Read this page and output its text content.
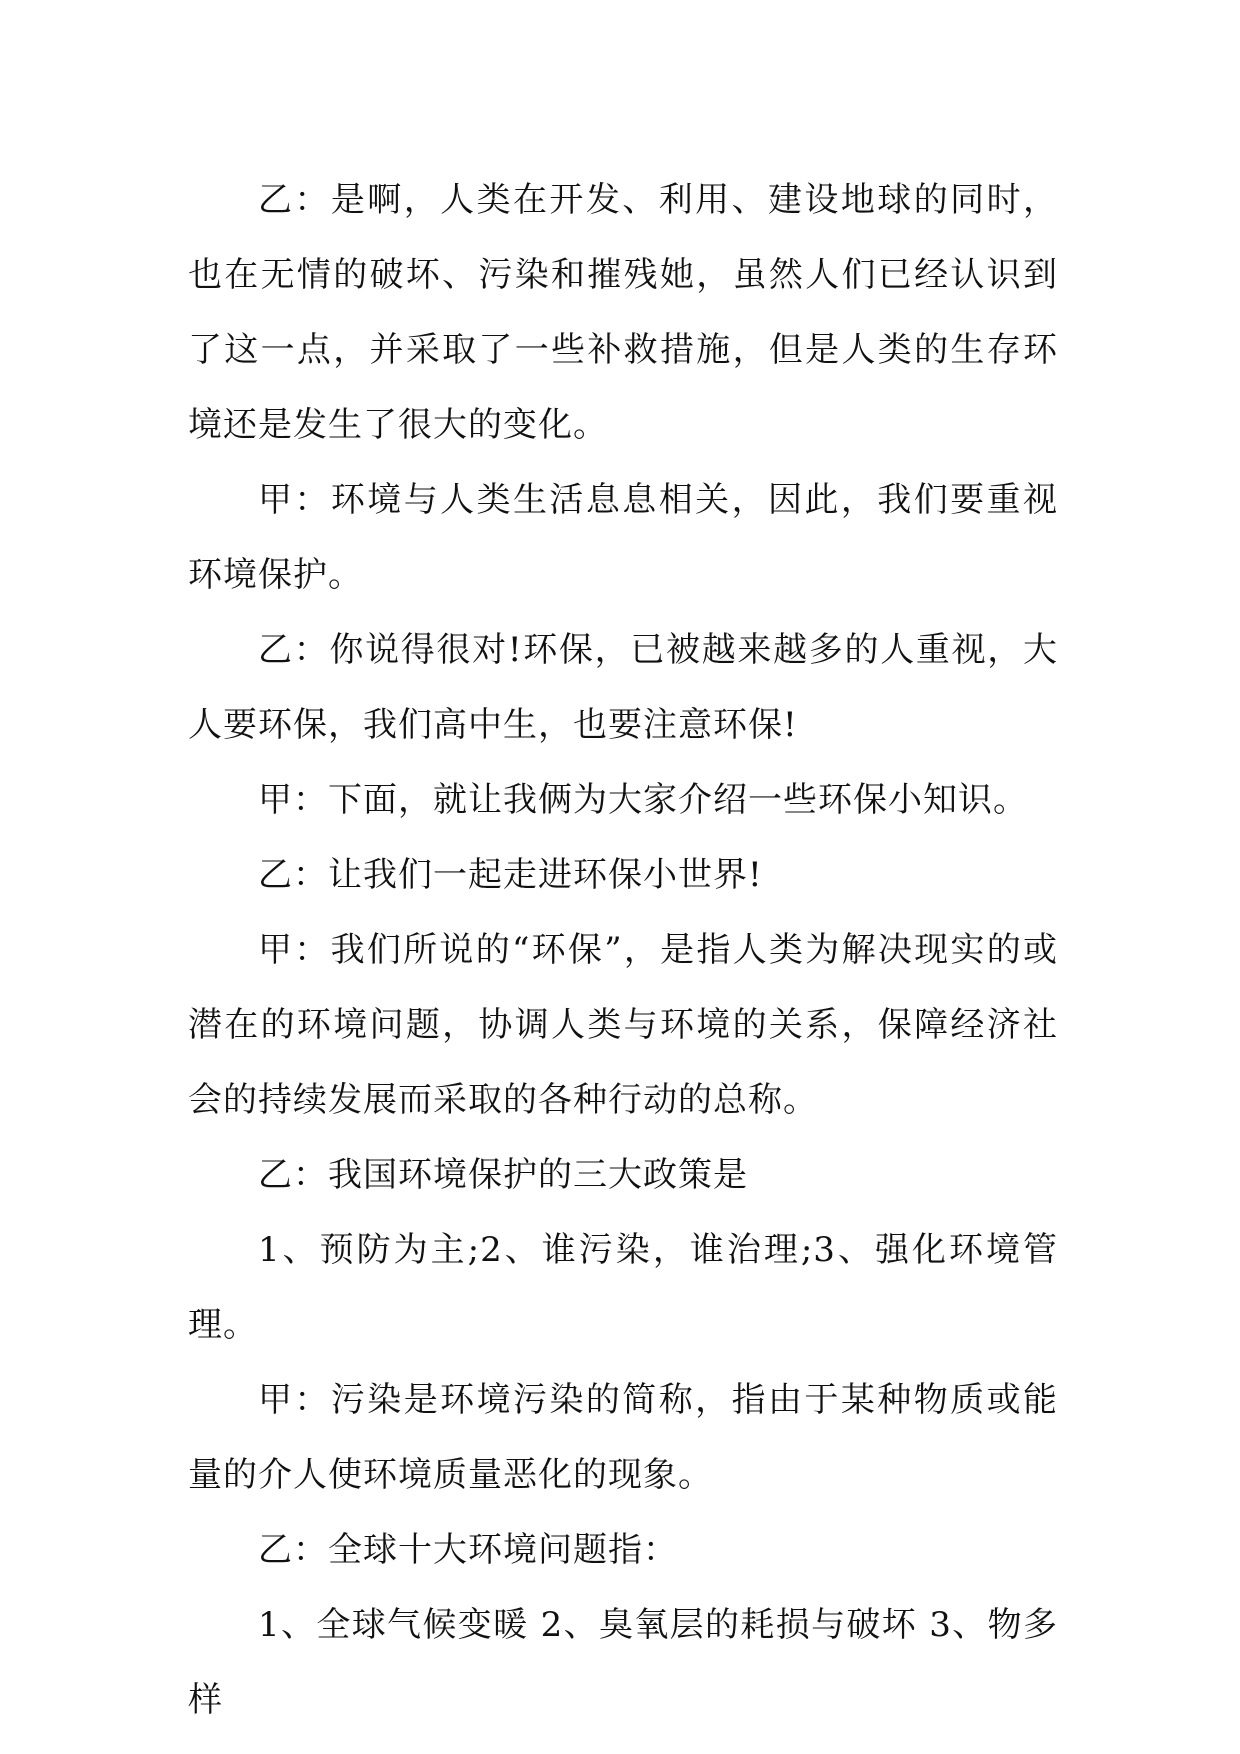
乙：是啊，人类在开发、利用、建设地球的同时，也在无情的破坏、污染和摧残她，虽然人们已经认识到了这一点，并采取了一些补救措施，但是人类的生存环境还是发生了很大的变化。

甲：环境与人类生活息息相关，因此，我们要重视环境保护。

乙：你说得很对!环保，已被越来越多的人重视，大人要环保，我们高中生，也要注意环保!

甲：下面，就让我俩为大家介绍一些环保小知识。

乙：让我们一起走进环保小世界!

甲：我们所说的“环保”，是指人类为解决现实的或潜在的环境问题，协调人类与环境的关系，保障经济社会的持续发展而采取的各种行动的总称。

乙：我国环境保护的三大政策是

1、预防为主;2、谁污染，谁治理;3、强化环境管理。

甲：污染是环境污染的简称，指由于某种物质或能量的介人使环境质量恶化的现象。

乙：全球十大环境问题指：

1、全球气候变暖 2、臭氧层的耗损与破坏 3、物多样
